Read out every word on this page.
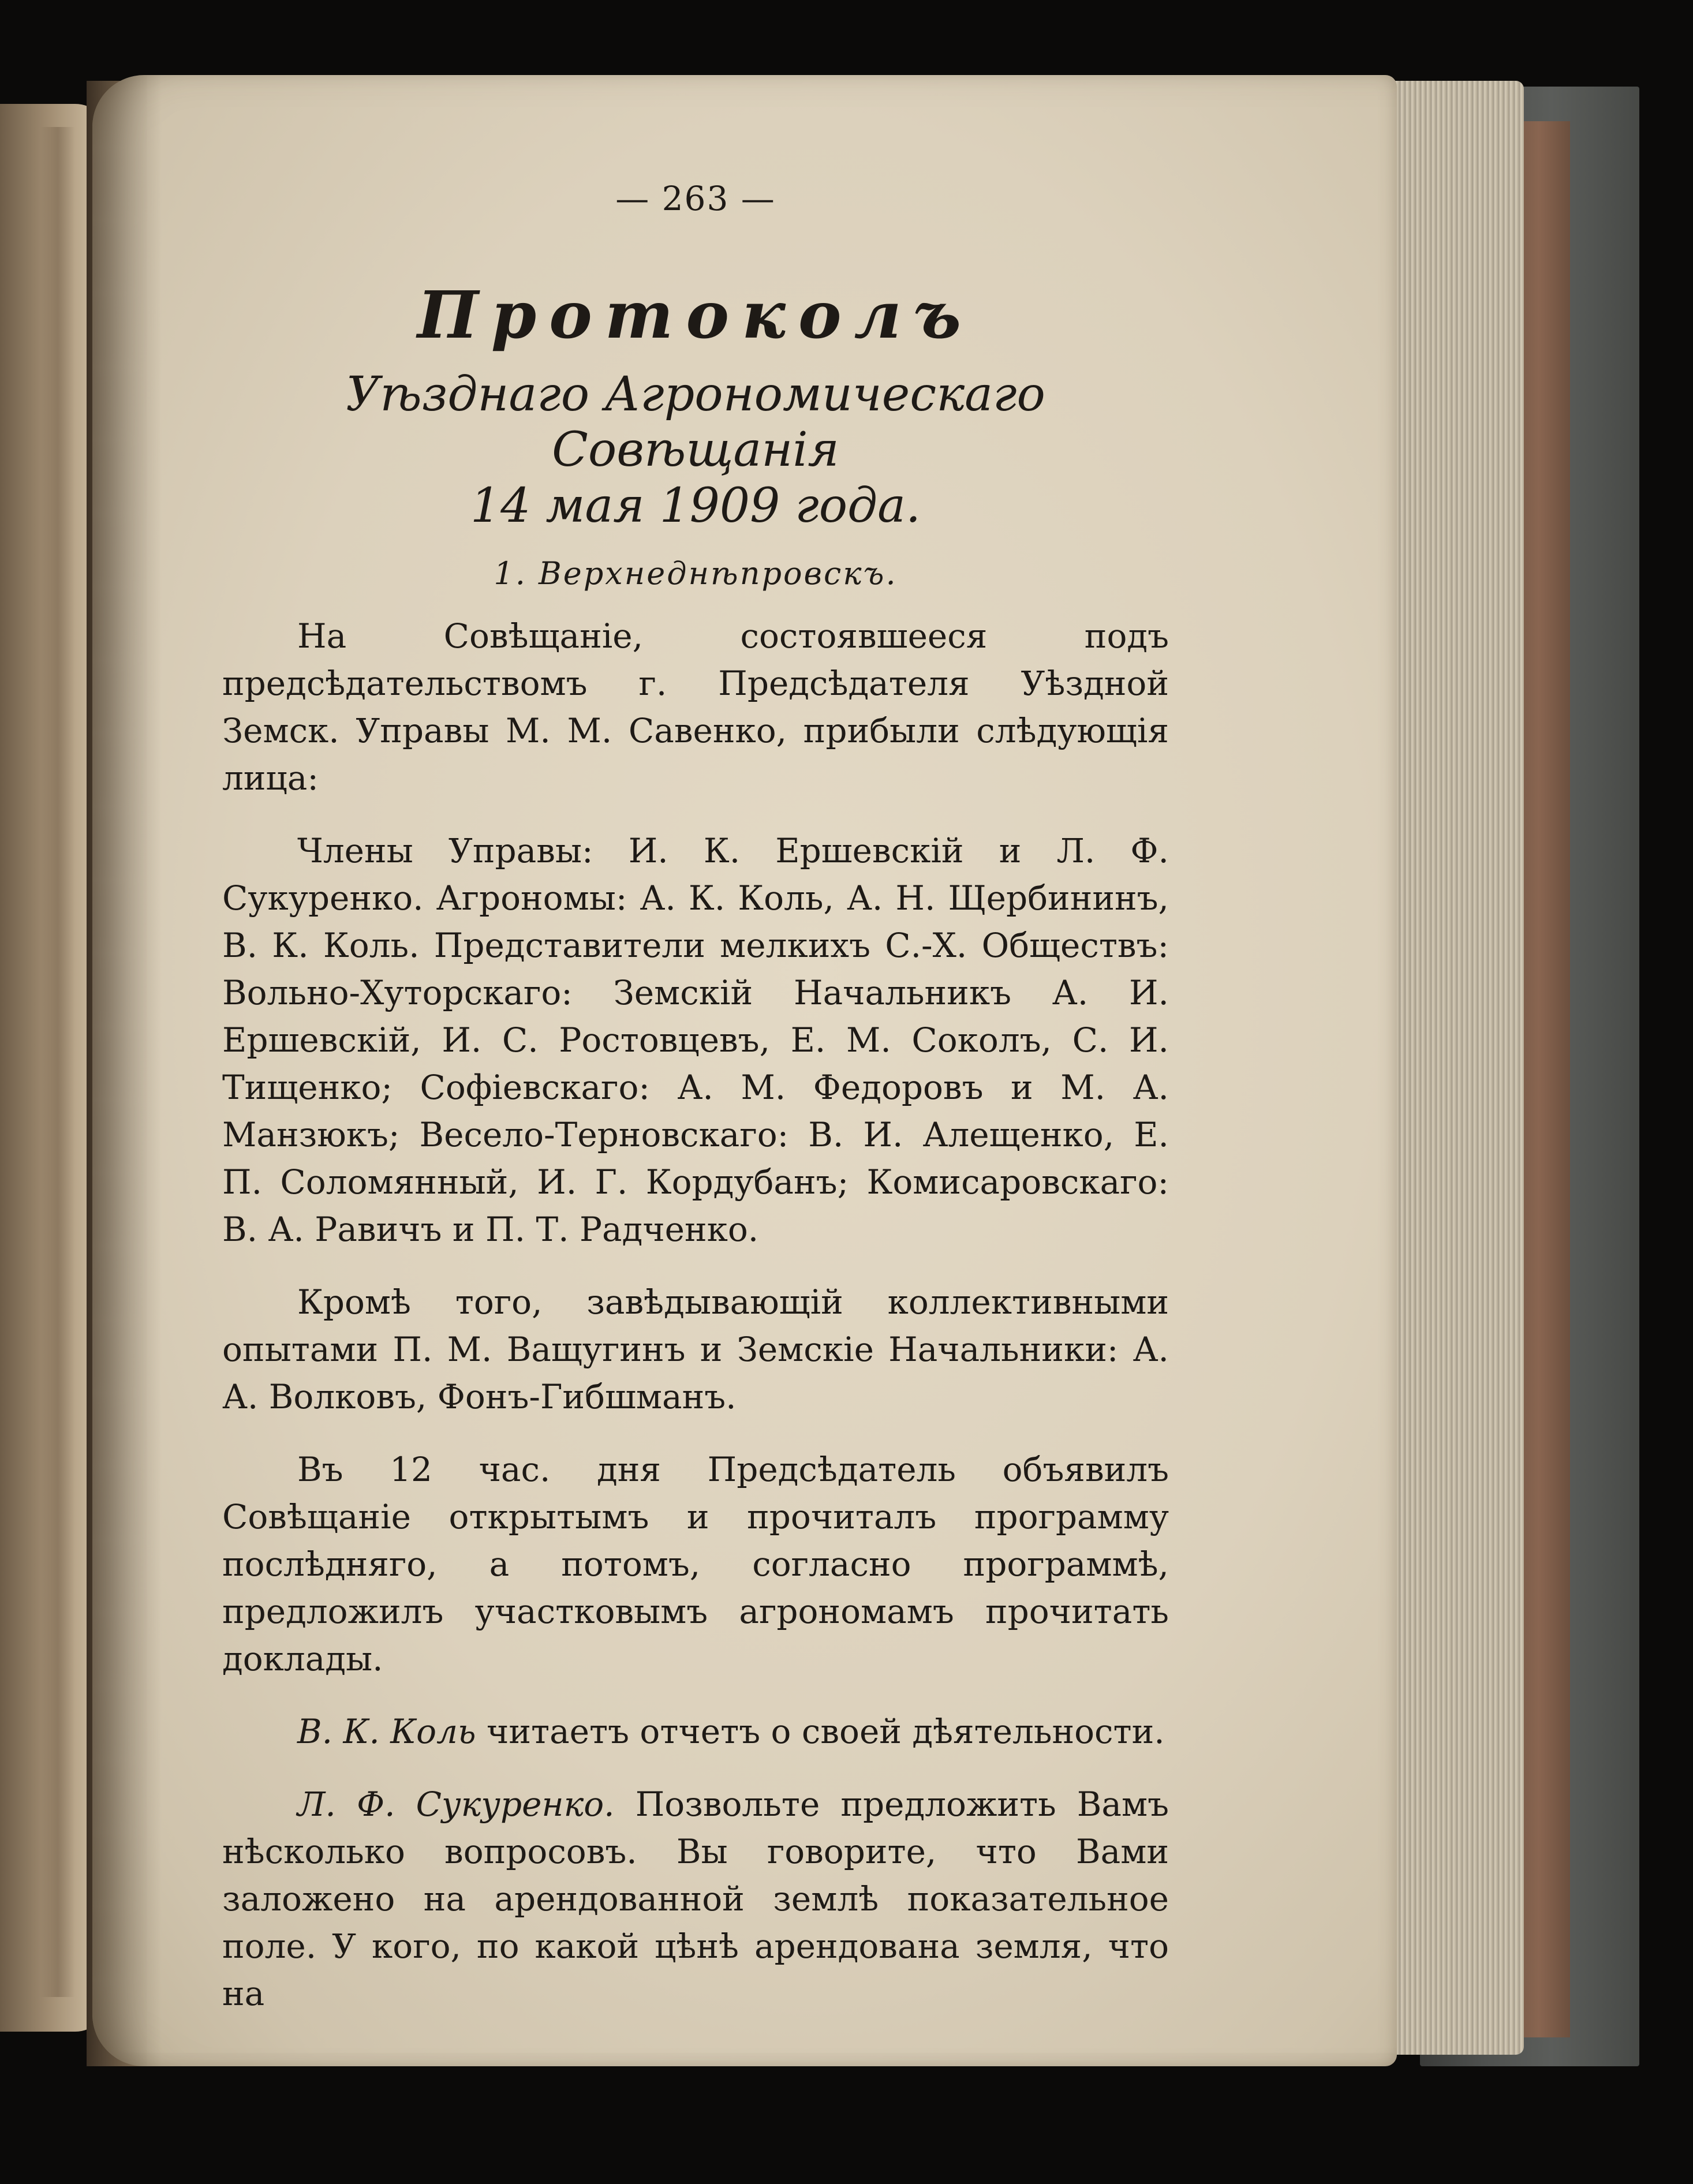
— 263 —
Протоколъ
Уѣзднаго Агрономическаго Совѣщанія
14 мая 1909 года.
1. Верхнеднѣпровскъ.

На Совѣщаніе, состоявшееся подъ предсѣдательствомъ г. Предсѣдателя Уѣздной Земск. Управы М. М. Савенко, прибыли слѣдующія лица:

Члены Управы: И. К. Ершевскій и Л. Ф. Сукуренко. Агрономы: А. К. Коль, А. Н. Щербининъ, В. К. Коль. Представители мелкихъ С.-Х. Обществъ: Вольно-Хуторскаго: Земскій Начальникъ А. И. Ершевскій, И. С. Ростовцевъ, Е. М. Соколъ, С. И. Тищенко; Софіевскаго: А. М. Федоровъ и М. А. Манзюкъ; Весело-Терновскаго: В. И. Алещенко, Е. П. Соломянный, И. Г. Кордубанъ; Комисаровскаго: В. А. Равичъ и П. Т. Радченко.

Кромѣ того, завѣдывающій коллективными опытами П. М. Ващугинъ и Земскіе Начальники: А. А. Волковъ, Фонъ-Гибшманъ.

Въ 12 час. дня Предсѣдатель объявилъ Совѣщаніе открытымъ и прочиталъ программу послѣдняго, а потомъ, согласно программѣ, предложилъ участковымъ агрономамъ прочитать доклады.

В. К. Коль читаетъ отчетъ о своей дѣятельности.

Л. Ф. Сукуренко. Позвольте предложить Вамъ нѣсколько вопросовъ. Вы говорите, что Вами заложено на арендованной землѣ показательное поле. У кого, по какой цѣнѣ арендована земля, что на
